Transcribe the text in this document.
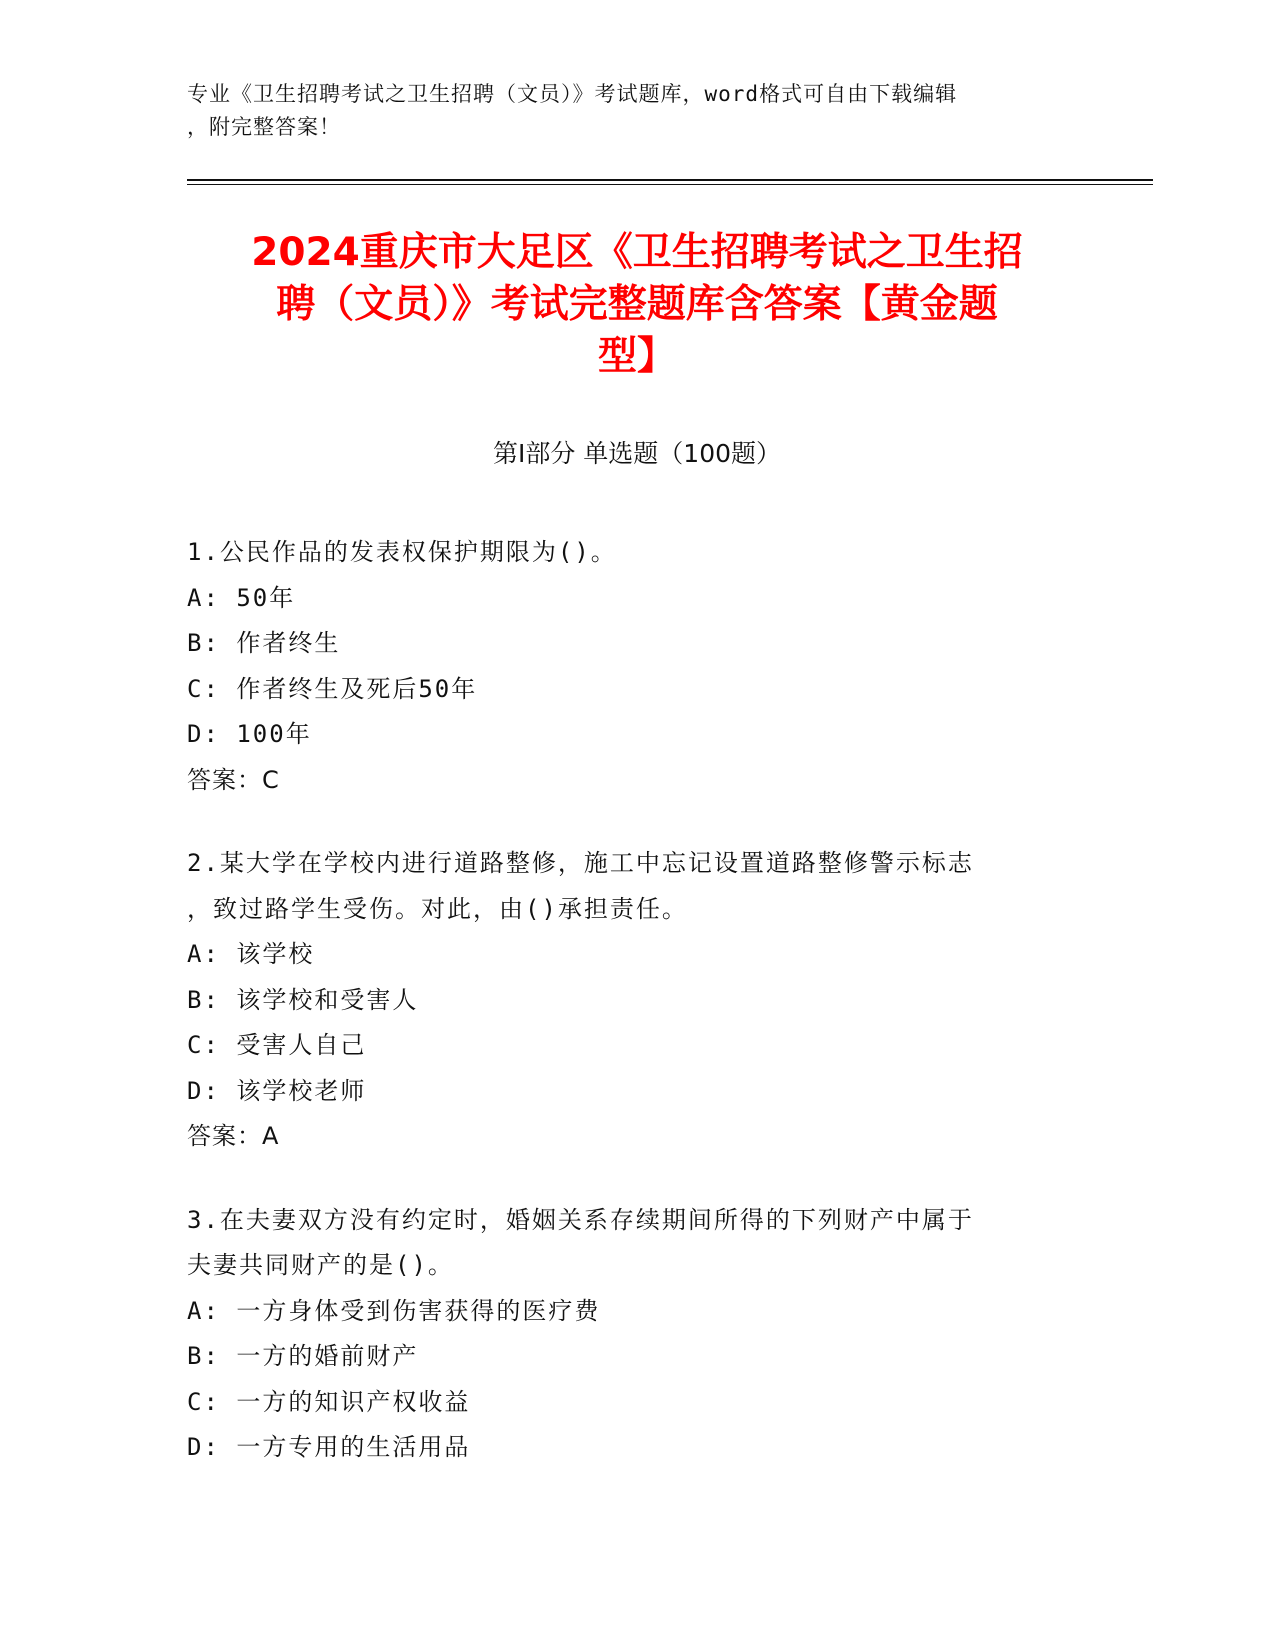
专业《卫生招聘考试之卫生招聘（文员）》考试题库，word格式可自由下载编辑
，附完整答案！
2024重庆市大足区《卫生招聘考试之卫生招
聘（文员）》考试完整题库含答案【黄金题
型】
第Ⅰ部分 单选题（100题）
1.公民作品的发表权保护期限为()。
A: 50年
B: 作者终生
C: 作者终生及死后50年
D: 100年
答案：C
2.某大学在学校内进行道路整修，施工中忘记设置道路整修警示标志
，致过路学生受伤。对此，由()承担责任。
A: 该学校
B: 该学校和受害人
C: 受害人自己
D: 该学校老师
答案：A
3.在夫妻双方没有约定时，婚姻关系存续期间所得的下列财产中属于
夫妻共同财产的是()。
A: 一方身体受到伤害获得的医疗费
B: 一方的婚前财产
C: 一方的知识产权收益
D: 一方专用的生活用品
